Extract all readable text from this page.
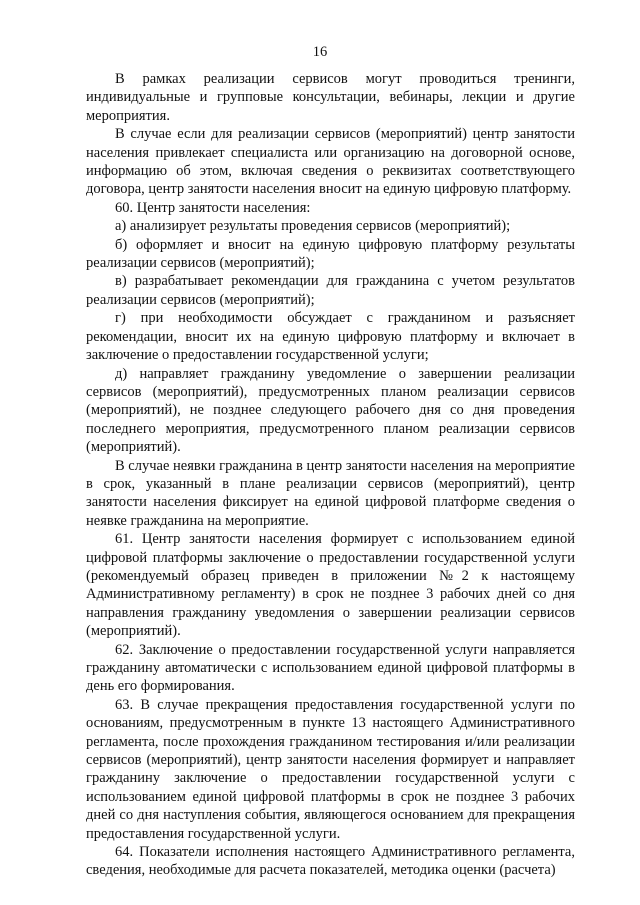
16

В рамках реализации сервисов могут проводиться тренинги, индивидуальные и групповые консультации, вебинары, лекции и другие мероприятия.

В случае если для реализации сервисов (мероприятий) центр занятости населения привлекает специалиста или организацию на договорной основе, информацию об этом, включая сведения о реквизитах соответствующего договора, центр занятости населения вносит на единую цифровую платформу.

60. Центр занятости населения:

а) анализирует результаты проведения сервисов (мероприятий);

б) оформляет и вносит на единую цифровую платформу результаты реализации сервисов (мероприятий);

в) разрабатывает рекомендации для гражданина с учетом результатов реализации сервисов (мероприятий);

г) при необходимости обсуждает с гражданином и разъясняет рекомендации, вносит их на единую цифровую платформу и включает в заключение о предоставлении государственной услуги;

д) направляет гражданину уведомление о завершении реализации сервисов (мероприятий), предусмотренных планом реализации сервисов (мероприятий), не позднее следующего рабочего дня со дня проведения последнего мероприятия, предусмотренного планом реализации сервисов (мероприятий).

В случае неявки гражданина в центр занятости населения на мероприятие в срок, указанный в плане реализации сервисов (мероприятий), центр занятости населения фиксирует на единой цифровой платформе сведения о неявке гражданина на мероприятие.

61. Центр занятости населения формирует с использованием единой цифровой платформы заключение о предоставлении государственной услуги (рекомендуемый образец приведен в приложении №2 к настоящему Административному регламенту) в срок не позднее 3 рабочих дней со дня направления гражданину уведомления о завершении реализации сервисов (мероприятий).

62. Заключение о предоставлении государственной услуги направляется гражданину автоматически с использованием единой цифровой платформы в день его формирования.

63. В случае прекращения предоставления государственной услуги по основаниям, предусмотренным в пункте 13 настоящего Административного регламента, после прохождения гражданином тестирования и/или реализации сервисов (мероприятий), центр занятости населения формирует и направляет гражданину заключение о предоставлении государственной услуги с использованием единой цифровой платформы в срок не позднее 3 рабочих дней со дня наступления события, являющегося основанием для прекращения предоставления государственной услуги.

64. Показатели исполнения настоящего Административного регламента, сведения, необходимые для расчета показателей, методика оценки (расчета)
